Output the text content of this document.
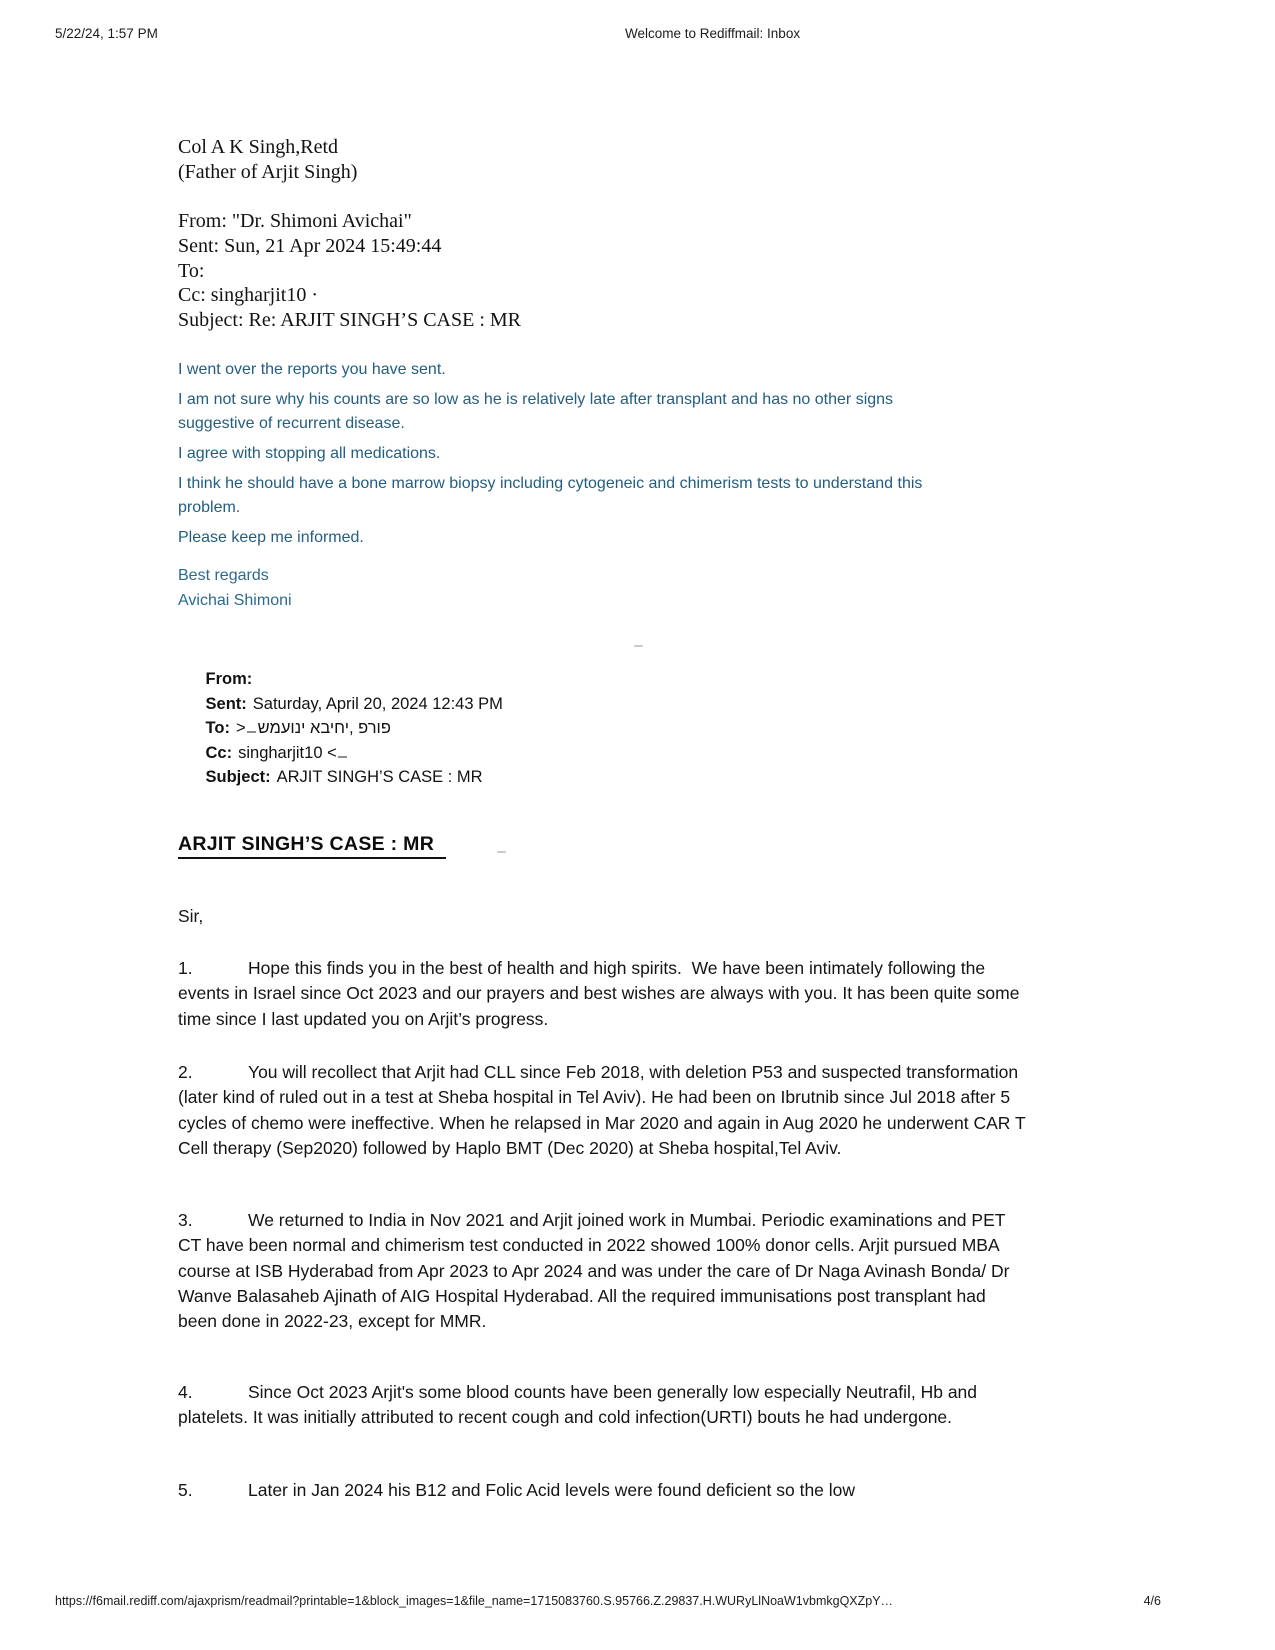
5/22/24, 1:57 PM	Welcome to Rediffmail: Inbox
Col A K Singh,Retd
(Father of Arjit Singh)

From: "Dr. Shimoni Avichai"
Sent: Sun, 21 Apr 2024 15:49:44
To:
Cc: singharjit10 ·
Subject: Re: ARJIT SINGH’S CASE : MR

I went over the reports you have sent.

I am not sure why his counts are so low as he is relatively late after transplant and has no other signs
suggestive of recurrent disease.

I agree with stopping all medications.

I think he should have a bone marrow biopsy including cytogeneic and chimerism tests to understand this
problem.

Please keep me informed.

Best regards
Avichai Shimoni

From:

Sent: Saturday, April 20, 2024 12:43 PM

To: > שמעוני אביחי, פרופ

Cc: singharjit10 <

Subject: ARJIT SINGH’S CASE : MR

ARJIT SINGH’S CASE : MR
Sir,
1.	Hope this finds you in the best of health and high spirits.  We have been intimately following the events in Israel since Oct 2023 and our prayers and best wishes are always with you. It has been quite some time since I last updated you on Arjit’s progress.
2.	You will recollect that Arjit had CLL since Feb 2018, with deletion P53 and suspected transformation (later kind of ruled out in a test at Sheba hospital in Tel Aviv). He had been on Ibrutnib since Jul 2018 after 5 cycles of chemo were ineffective. When he relapsed in Mar 2020 and again in Aug 2020 he underwent CAR T Cell therapy (Sep2020) followed by Haplo BMT (Dec 2020) at Sheba hospital,Tel Aviv.
3.	We returned to India in Nov 2021 and Arjit joined work in Mumbai. Periodic examinations and PET CT have been normal and chimerism test conducted in 2022 showed 100% donor cells. Arjit pursued MBA course at ISB Hyderabad from Apr 2023 to Apr 2024 and was under the care of Dr Naga Avinash Bonda/ Dr Wanve Balasaheb Ajinath of AIG Hospital Hyderabad. All the required immunisations post transplant had been done in 2022-23, except for MMR.
4.	Since Oct 2023 Arjit's some blood counts have been generally low especially Neutrafil, Hb and platelets. It was initially attributed to recent cough and cold infection(URTI) bouts he had undergone.
5.	Later in Jan 2024 his B12 and Folic Acid levels were found deficient so the low
https://f6mail.rediff.com/ajaxprism/readmail?printable=1&block_images=1&file_name=1715083760.S.95766.Z.29837.H.WURyLlNoaW1vbmkgQXZpY…	4/6
